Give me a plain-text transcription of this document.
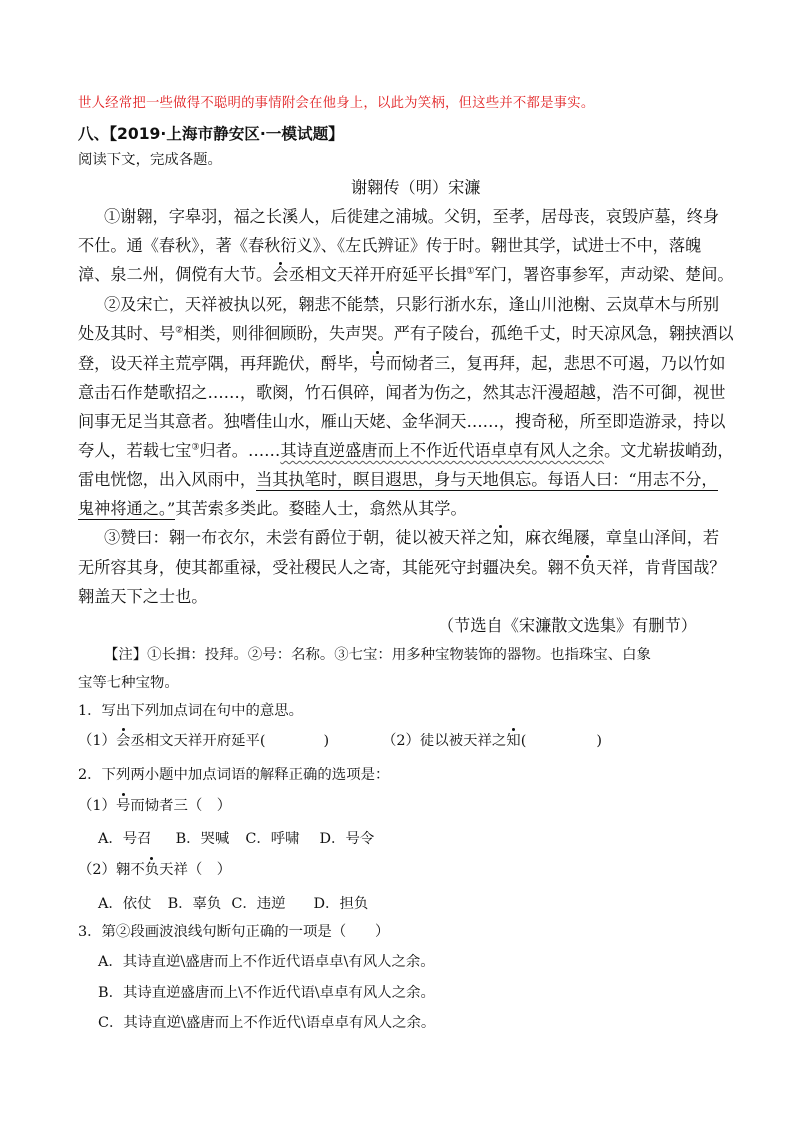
世人经常把一些做得不聪明的事情附会在他身上，以此为笑柄，但这些并不都是事实。
八、【2019·上海市静安区·一模试题】
阅读下文，完成各题。
谢翱传（明）宋濂
①谢翱，字皋羽，福之长溪人，后徙建之浦城。父钥，至孝，居母丧，哀毁庐墓，终身
不仕。通《春秋》，著《春秋衍义》、《左氏辨证》传于时。翱世其学，试进士不中，落魄
漳、泉二州，倜傥有大节。会丞相文天祥开府延平长揖①军门，署咨事参军，声动梁、楚间。
②及宋亡，天祥被执以死，翱悲不能禁，只影行浙水东，逢山川池榭、云岚草木与所别
处及其时、号②相类，则徘徊顾盼，失声哭。严有子陵台，孤绝千丈，时天凉风急，翱挟酒以
登，设天祥主荒亭隅，再拜跪伏，酹毕，号而恸者三，复再拜，起，悲思不可遏，乃以竹如
意击石作楚歌招之……，歌阕，竹石俱碎，闻者为伤之，然其志汗漫超越，浩不可御，视世
间事无足当其意者。独嗜佳山水，雁山天姥、金华洞天……，搜奇秘，所至即造游录，持以
夸人，若载七宝③归者。……其诗直逆盛唐而上不作近代语卓卓有风人之余。文尤崭拔峭劲，
雷电恍惚，出入风雨中，当其执笔时，瞑目遐思，身与天地俱忘。每语人曰：“用志不分，
鬼神将通之。”其苦索多类此。婺睦人士，翕然从其学。
③赞曰：翱一布衣尔，未尝有爵位于朝，徒以被天祥之知，麻衣绳屦，章皇山泽间，若
无所容其身，使其都重禄，受社稷民人之寄，其能死守封疆决矣。翱不负天祥，肯背国哉？
翱盖天下之士也。
（节选自《宋濂散文选集》有删节）
【注】①长揖：投拜。②号：名称。③七宝：用多种宝物装饰的器物。也指珠宝、白象
宝等七种宝物。
1．写出下列加点词在句中的意思。
（1）会丞相文天祥开府延平(	)	（2）徒以被天祥之知(	)
2．下列两小题中加点词语的解释正确的选项是：
（1）号而恸者三（　）
A．号召 B．哭喊 C．呼啸 D．号令
（2）翱不负天祥（　）
A．依仗 B．辜负 C．违逆 D．担负
3．第②段画波浪线句断句正确的一项是（　　）
A．其诗直逆\盛唐而上不作近代语卓卓\有风人之余。
B．其诗直逆盛唐而上\不作近代语\卓卓有风人之余。
C．其诗直逆\盛唐而上不作近代\语卓卓有风人之余。
